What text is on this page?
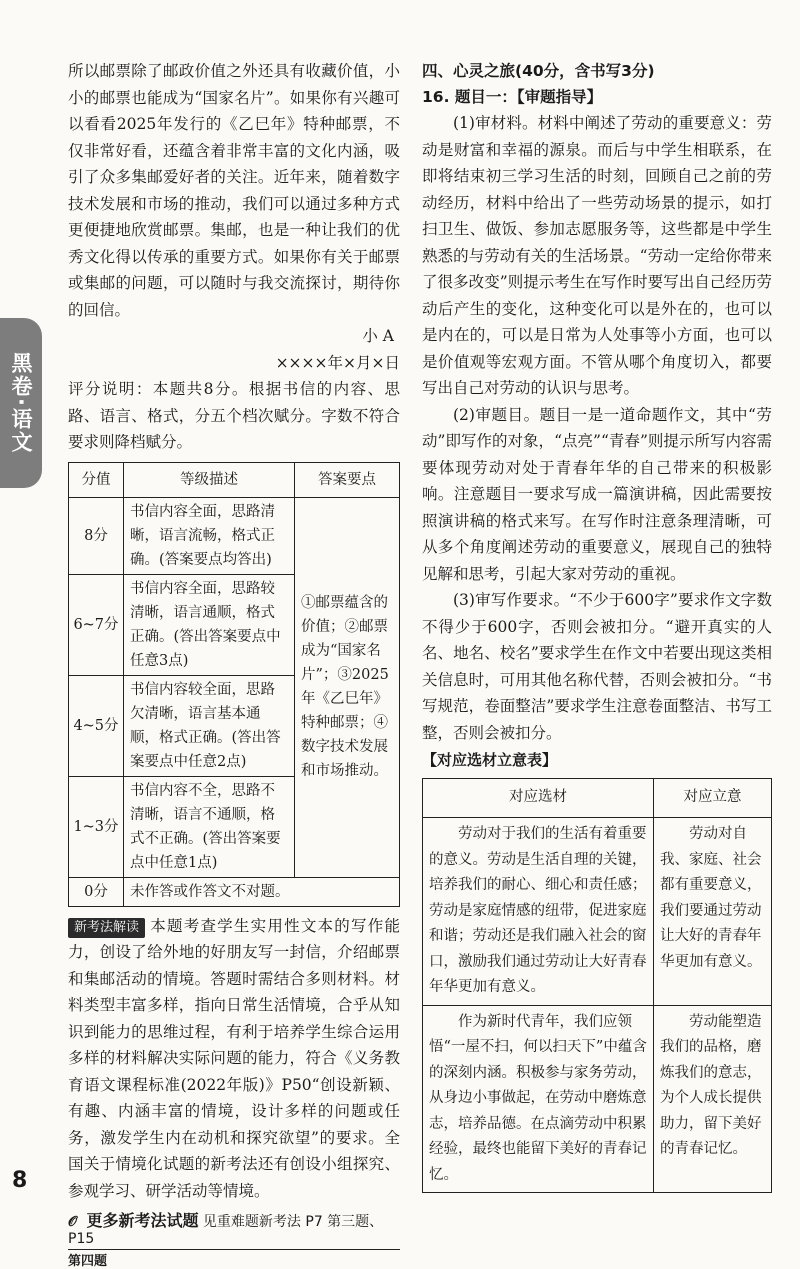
黑卷·语文

所以邮票除了邮政价值之外还具有收藏价值，小小的邮票也能成为“国家名片”。如果你有兴趣可以看看2025年发行的《乙巳年》特种邮票，不仅非常好看，还蕴含着非常丰富的文化内涵，吸引了众多集邮爱好者的关注。近年来，随着数字技术发展和市场的推动，我们可以通过多种方式更便捷地欣赏邮票。集邮，也是一种让我们的优秀文化得以传承的重要方式。如果你有关于邮票或集邮的问题，可以随时与我交流探讨，期待你的回信。

小 A

××××年×月×日

评分说明：本题共8分。根据书信的内容、思路、语言、格式，分五个档次赋分。字数不符合要求则降档赋分。

分值	等级描述	答案要点
8分	书信内容全面，思路清晰，语言流畅，格式正确。(答案要点均答出)	①邮票蕴含的价值；②邮票成为“国家名片”；③2025年《乙巳年》特种邮票；④数字技术发展和市场推动。
6~7分	书信内容全面，思路较清晰，语言通顺，格式正确。(答出答案要点中任意3点)	
4~5分	书信内容较全面，思路欠清晰，语言基本通顺，格式正确。(答出答案要点中任意2点)	
1~3分	书信内容不全，思路不清晰，语言不通顺，格式不正确。(答出答案要点中任意1点)	
0分	未作答或作答文不对题。	

新考法解读 本题考查学生实用性文本的写作能力，创设了给外地的好朋友写一封信，介绍邮票和集邮活动的情境。答题时需结合多则材料。材料类型丰富多样，指向日常生活情境，合乎从知识到能力的思维过程，有利于培养学生综合运用多样的材料解决实际问题的能力，符合《义务教育语文课程标准(2022年版)》P50“创设新颖、有趣、内涵丰富的情境，设计多样的问题或任务，激发学生内在动机和探究欲望”的要求。全国关于情境化试题的新考法还有创设小组探究、参观学习、研学活动等情境。

𝒪 更多新考法试题 见重难题新考法 P7 第三题、P15
第四题
四、心灵之旅(40分，含书写3分)
16. 题目一：【审题指导】

(1)审材料。材料中阐述了劳动的重要意义：劳动是财富和幸福的源泉。而后与中学生相联系，在即将结束初三学习生活的时刻，回顾自己之前的劳动经历，材料中给出了一些劳动场景的提示，如打扫卫生、做饭、参加志愿服务等，这些都是中学生熟悉的与劳动有关的生活场景。“劳动一定给你带来了很多改变”则提示考生在写作时要写出自己经历劳动后产生的变化，这种变化可以是外在的，也可以是内在的，可以是日常为人处事等小方面，也可以是价值观等宏观方面。不管从哪个角度切入，都要写出自己对劳动的认识与思考。

(2)审题目。题目一是一道命题作文，其中“劳动”即写作的对象，“点亮”“青春”则提示所写内容需要体现劳动对处于青春年华的自己带来的积极影响。注意题目一要求写成一篇演讲稿，因此需要按照演讲稿的格式来写。在写作时注意条理清晰，可从多个角度阐述劳动的重要意义，展现自己的独特见解和思考，引起大家对劳动的重视。

(3)审写作要求。“不少于600字”要求作文字数不得少于600字，否则会被扣分。“避开真实的人名、地名、校名”要求学生在作文中若要出现这类相关信息时，可用其他名称代替，否则会被扣分。“书写规范，卷面整洁”要求学生注意卷面整洁、书写工整，否则会被扣分。

【对应选材立意表】
对应选材	对应立意
劳动对于我们的生活有着重要的意义。劳动是生活自理的关键，培养我们的耐心、细心和责任感；劳动是家庭情感的纽带，促进家庭和谐；劳动还是我们融入社会的窗口，激励我们通过劳动让大好青春年华更加有意义。	劳动对自我、家庭、社会都有重要意义，我们要通过劳动让大好的青春年华更加有意义。
作为新时代青年，我们应领悟“一屋不扫，何以扫天下”中蕴含的深刻内涵。积极参与家务劳动，从身边小事做起，在劳动中磨炼意志，培养品德。在点滴劳动中积累经验，最终也能留下美好的青春记忆。	劳动能塑造我们的品格，磨炼我们的意志，为个人成长提供助力，留下美好的青春记忆。
8
